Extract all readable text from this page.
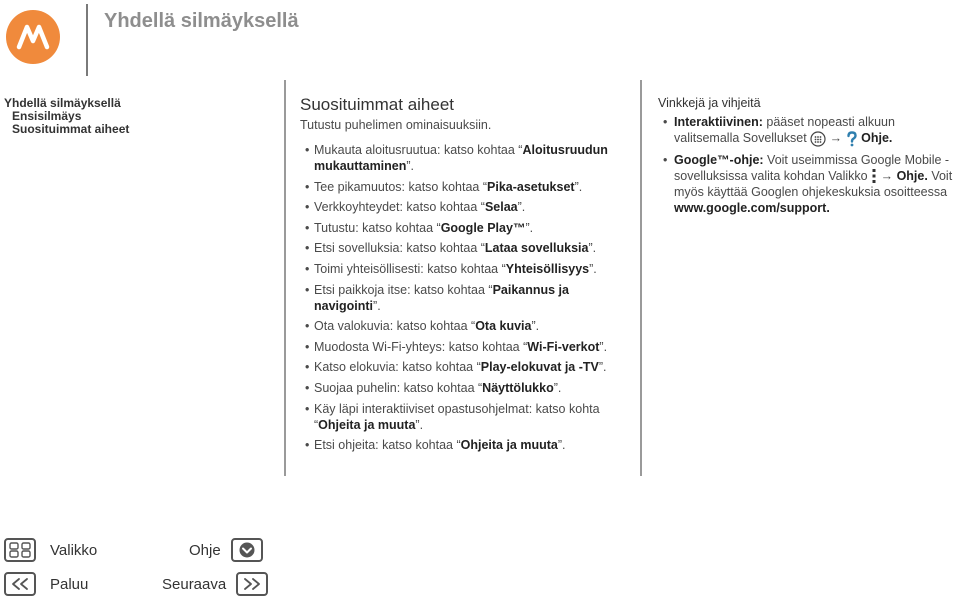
Yhdellä silmäyksellä
Yhdellä silmäyksellä
Ensisilmäys
Suosituimmat aiheet
Suosituimmat aiheet
Tutustu puhelimen ominaisuuksiin.
• Mukauta aloitusruutua: katso kohtaa “Aloitusruudun mukauttaminen”.
• Tee pikamuutos: katso kohtaa “Pika-asetukset”.
• Verkkoyhteydet: katso kohtaa “Selaa”.
• Tutustu: katso kohtaa “Google Play™”.
• Etsi sovelluksia: katso kohtaa “Lataa sovelluksia”.
• Toimi yhteisöllisesti: katso kohtaa “Yhteisöllisyys”.
• Etsi paikkoja itse: katso kohtaa “Paikannus ja navigointi”.
• Ota valokuvia: katso kohtaa “Ota kuvia”.
• Muodosta Wi-Fi-yhteys: katso kohtaa “Wi-Fi-verkot”.
• Katso elokuvia: katso kohtaa “Play-elokuvat ja -TV”.
• Suojaa puhelin: katso kohtaa “Näyttölukko”.
• Käy läpi interaktiiviset opastusohjelmat: katso kohta “Ohjeita ja muuta”.
• Etsi ohjeita: katso kohtaa “Ohjeita ja muuta”.
Vinkkejä ja vihjeitä
• Interaktiivinen: pääset nopeasti alkuun valitsemalla Sovellukset → Ohje.
• Google™-ohje: Voit useimmissa Google Mobile -sovelluksissa valita kohdan Valikko → Ohje. Voit myös käyttää Googlen ohjekeskuksia osoitteessa www.google.com/support.
Valikko	Ohje
Paluu	Seuraava
